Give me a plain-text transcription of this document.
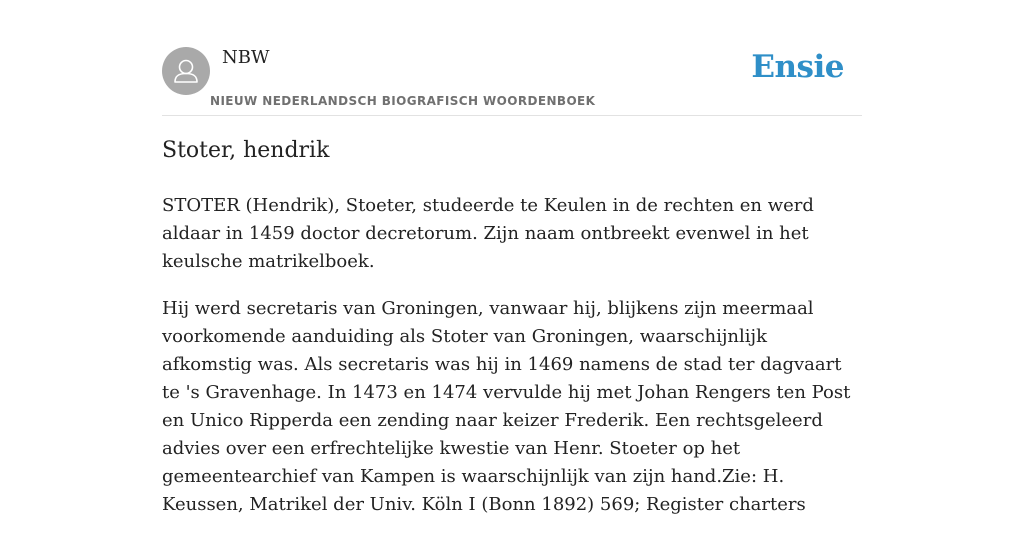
NBW
NIEUW NEDERLANDSCH BIOGRAFISCH WOORDENBOEK
Ensie
Stoter, hendrik

STOTER (Hendrik), Stoeter, studeerde te Keulen in de rechten en werd aldaar in 1459 doctor decretorum. Zijn naam ontbreekt evenwel in het keulsche matrikelboek.

Hij werd secretaris van Groningen, vanwaar hij, blijkens zijn meermaal voorkomende aanduiding als Stoter van Groningen, waarschijnlijk afkomstig was. Als secretaris was hij in 1469 namens de stad ter dagvaart te 's Gravenhage. In 1473 en 1474 vervulde hij met Johan Rengers ten Post en Unico Ripperda een zending naar keizer Frederik. Een rechtsgeleerd advies over een erfrechtelijke kwestie van Henr. Stoeter op het gemeentearchief van Kampen is waarschijnlijk van zijn hand.Zie: H. Keussen, Matrikel der Univ. Köln I (Bonn 1892) 569; Register charters
